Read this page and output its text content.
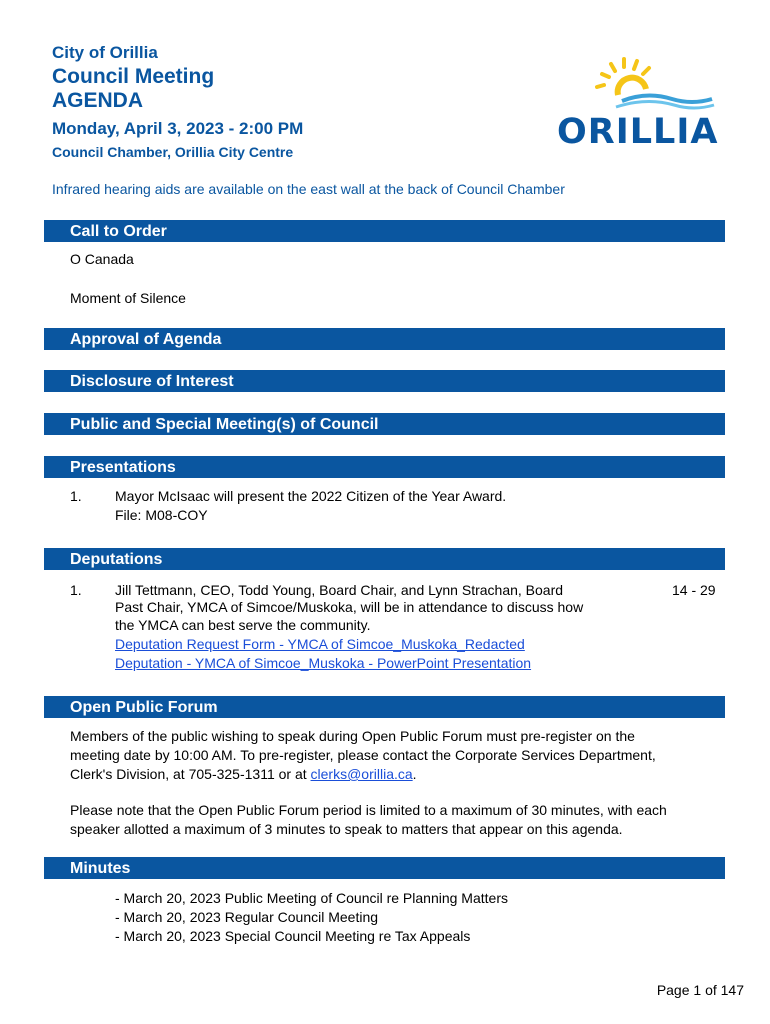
City of Orillia
Council Meeting
AGENDA
Monday, April 3, 2023 - 2:00 PM
Council Chamber, Orillia City Centre	ORILLIA
Infrared hearing aids are available on the east wall at the back of Council Chamber
Call to Order
O Canada
Moment of Silence
Approval of Agenda
Disclosure of Interest
Public and Special Meeting(s) of Council
Presentations
1. Mayor McIsaac will present the 2022 Citizen of the Year Award.
File: M08-COY
Deputations
1. Jill Tettmann, CEO, Todd Young, Board Chair, and Lynn Strachan, Board
Past Chair, YMCA of Simcoe/Muskoka, will be in attendance to discuss how
the YMCA can best serve the community.
Deputation Request Form - YMCA of Simcoe_Muskoka_Redacted
Deputation - YMCA of Simcoe_Muskoka - PowerPoint Presentation
14 - 29
Open Public Forum
Members of the public wishing to speak during Open Public Forum must pre-register on the
meeting date by 10:00 AM. To pre-register, please contact the Corporate Services Department,
Clerk's Division, at 705-325-1311 or at clerks@orillia.ca.
Please note that the Open Public Forum period is limited to a maximum of 30 minutes, with each
speaker allotted a maximum of 3 minutes to speak to matters that appear on this agenda.
Minutes
- March 20, 2023 Public Meeting of Council re Planning Matters
- March 20, 2023 Regular Council Meeting
- March 20, 2023 Special Council Meeting re Tax Appeals
Page 1 of 147
